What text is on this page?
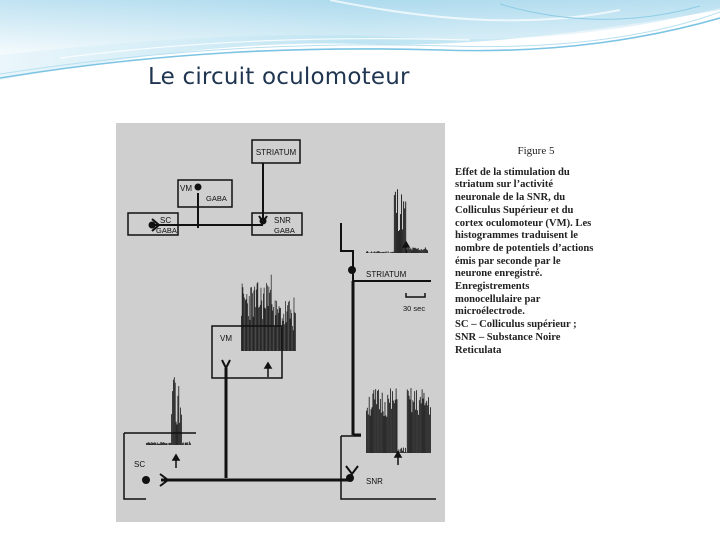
Le circuit oculomoteur
STRIATUM
VM
GABA
SC
GABA
SNR
GABA
STRIATUM
30 sec
VM
SC
SNR
Figure 5

Effet de la stimulation du

striatum sur l’activité

neuronale de la SNR, du

Colliculus Supérieur et du

cortex oculomoteur (VM). Les

histogrammes traduisent le

nombre de potentiels d’actions

émis par seconde par le

neurone enregistré.

Enregistrements

monocellulaire par

microélectrode.

SC – Colliculus supérieur ;

SNR – Substance Noire

Reticulata
